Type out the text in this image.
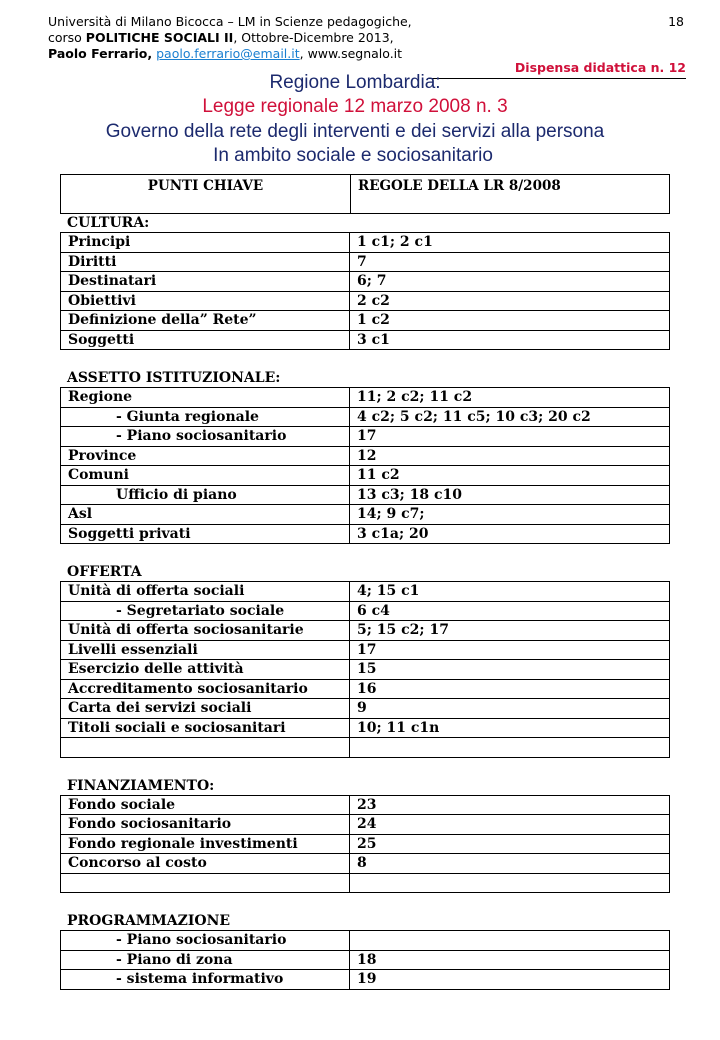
Università di Milano Bicocca – LM in Scienze pedagogiche,
corso POLITICHE SOCIALI II, Ottobre-Dicembre 2013,
Paolo Ferrario, paolo.ferrario@email.it, www.segnalo.it
18
Dispensa didattica n. 12
Regione Lombardia:
Legge regionale 12 marzo 2008 n. 3
Governo della rete degli interventi e dei servizi alla persona
In ambito sociale e sociosanitario
PUNTI CHIAVE	REGOLE DELLA LR 8/2008
CULTURA:
Principi	1 c1; 2 c1
Diritti	7
Destinatari	6; 7
Obiettivi	2 c2
Definizione della” Rete”	1 c2
Soggetti	3 c1
ASSETTO ISTITUZIONALE:
Regione	11; 2 c2; 11 c2
- Giunta regionale	4 c2; 5 c2; 11 c5; 10 c3; 20 c2
- Piano sociosanitario	17
Province	12
Comuni	11 c2
Ufficio di piano	13 c3; 18 c10
Asl	14; 9 c7;
Soggetti privati	3 c1a; 20
OFFERTA
Unità di offerta sociali	4; 15 c1
- Segretariato sociale	6 c4
Unità di offerta sociosanitarie	5; 15 c2; 17
Livelli essenziali	17
Esercizio delle attività	15
Accreditamento sociosanitario	16
Carta dei servizi sociali	9
Titoli sociali e sociosanitari	10; 11 c1n
FINANZIAMENTO:
Fondo sociale	23
Fondo sociosanitario	24
Fondo regionale investimenti	25
Concorso al costo	8
PROGRAMMAZIONE
- Piano sociosanitario
- Piano di zona	18
- sistema informativo	19
